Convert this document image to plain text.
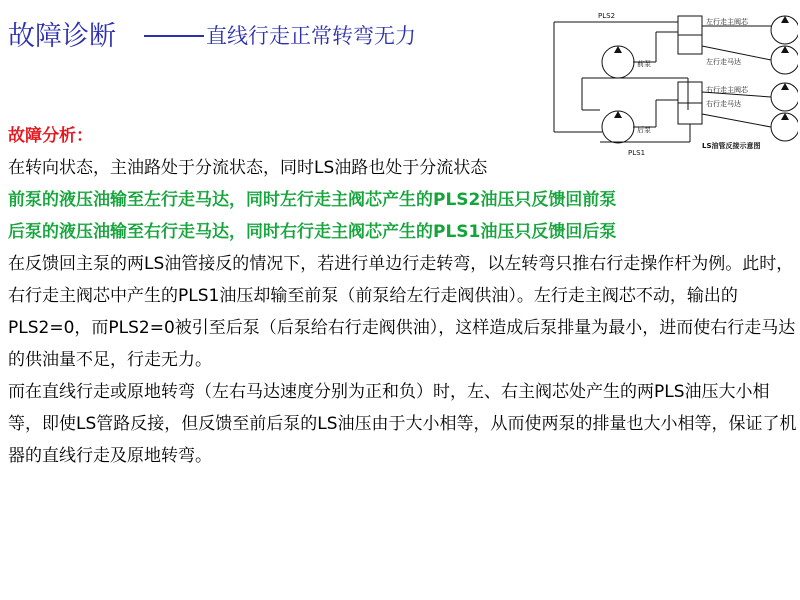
故障诊断	直线行走正常转弯无力
PLS2
PLS1
左行走主阀芯
前泵	左行走马达
右行走主阀芯
右行走马达
后泵
LS油管反接示意图
故障分析：
在转向状态，主油路处于分流状态，同时LS油路也处于分流状态
前泵的液压油输至左行走马达，同时左行走主阀芯产生的PLS2油压只反馈回前泵
后泵的液压油输至右行走马达，同时右行走主阀芯产生的PLS1油压只反馈回后泵
在反馈回主泵的两LS油管接反的情况下，若进行单边行走转弯，以左转弯只推右行走操作杆为例。此时，右行走主阀芯中产生的PLS1油压却输至前泵（前泵给左行走阀供油）。左行走主阀芯不动，输出的PLS2=0，而PLS2=0被引至后泵（后泵给右行走阀供油），这样造成后泵排量为最小，进而使右行走马达的供油量不足，行走无力。
而在直线行走或原地转弯（左右马达速度分别为正和负）时，左、右主阀芯处产生的两PLS油压大小相等，即使LS管路反接，但反馈至前后泵的LS油压由于大小相等，从而使两泵的排量也大小相等，保证了机器的直线行走及原地转弯。
